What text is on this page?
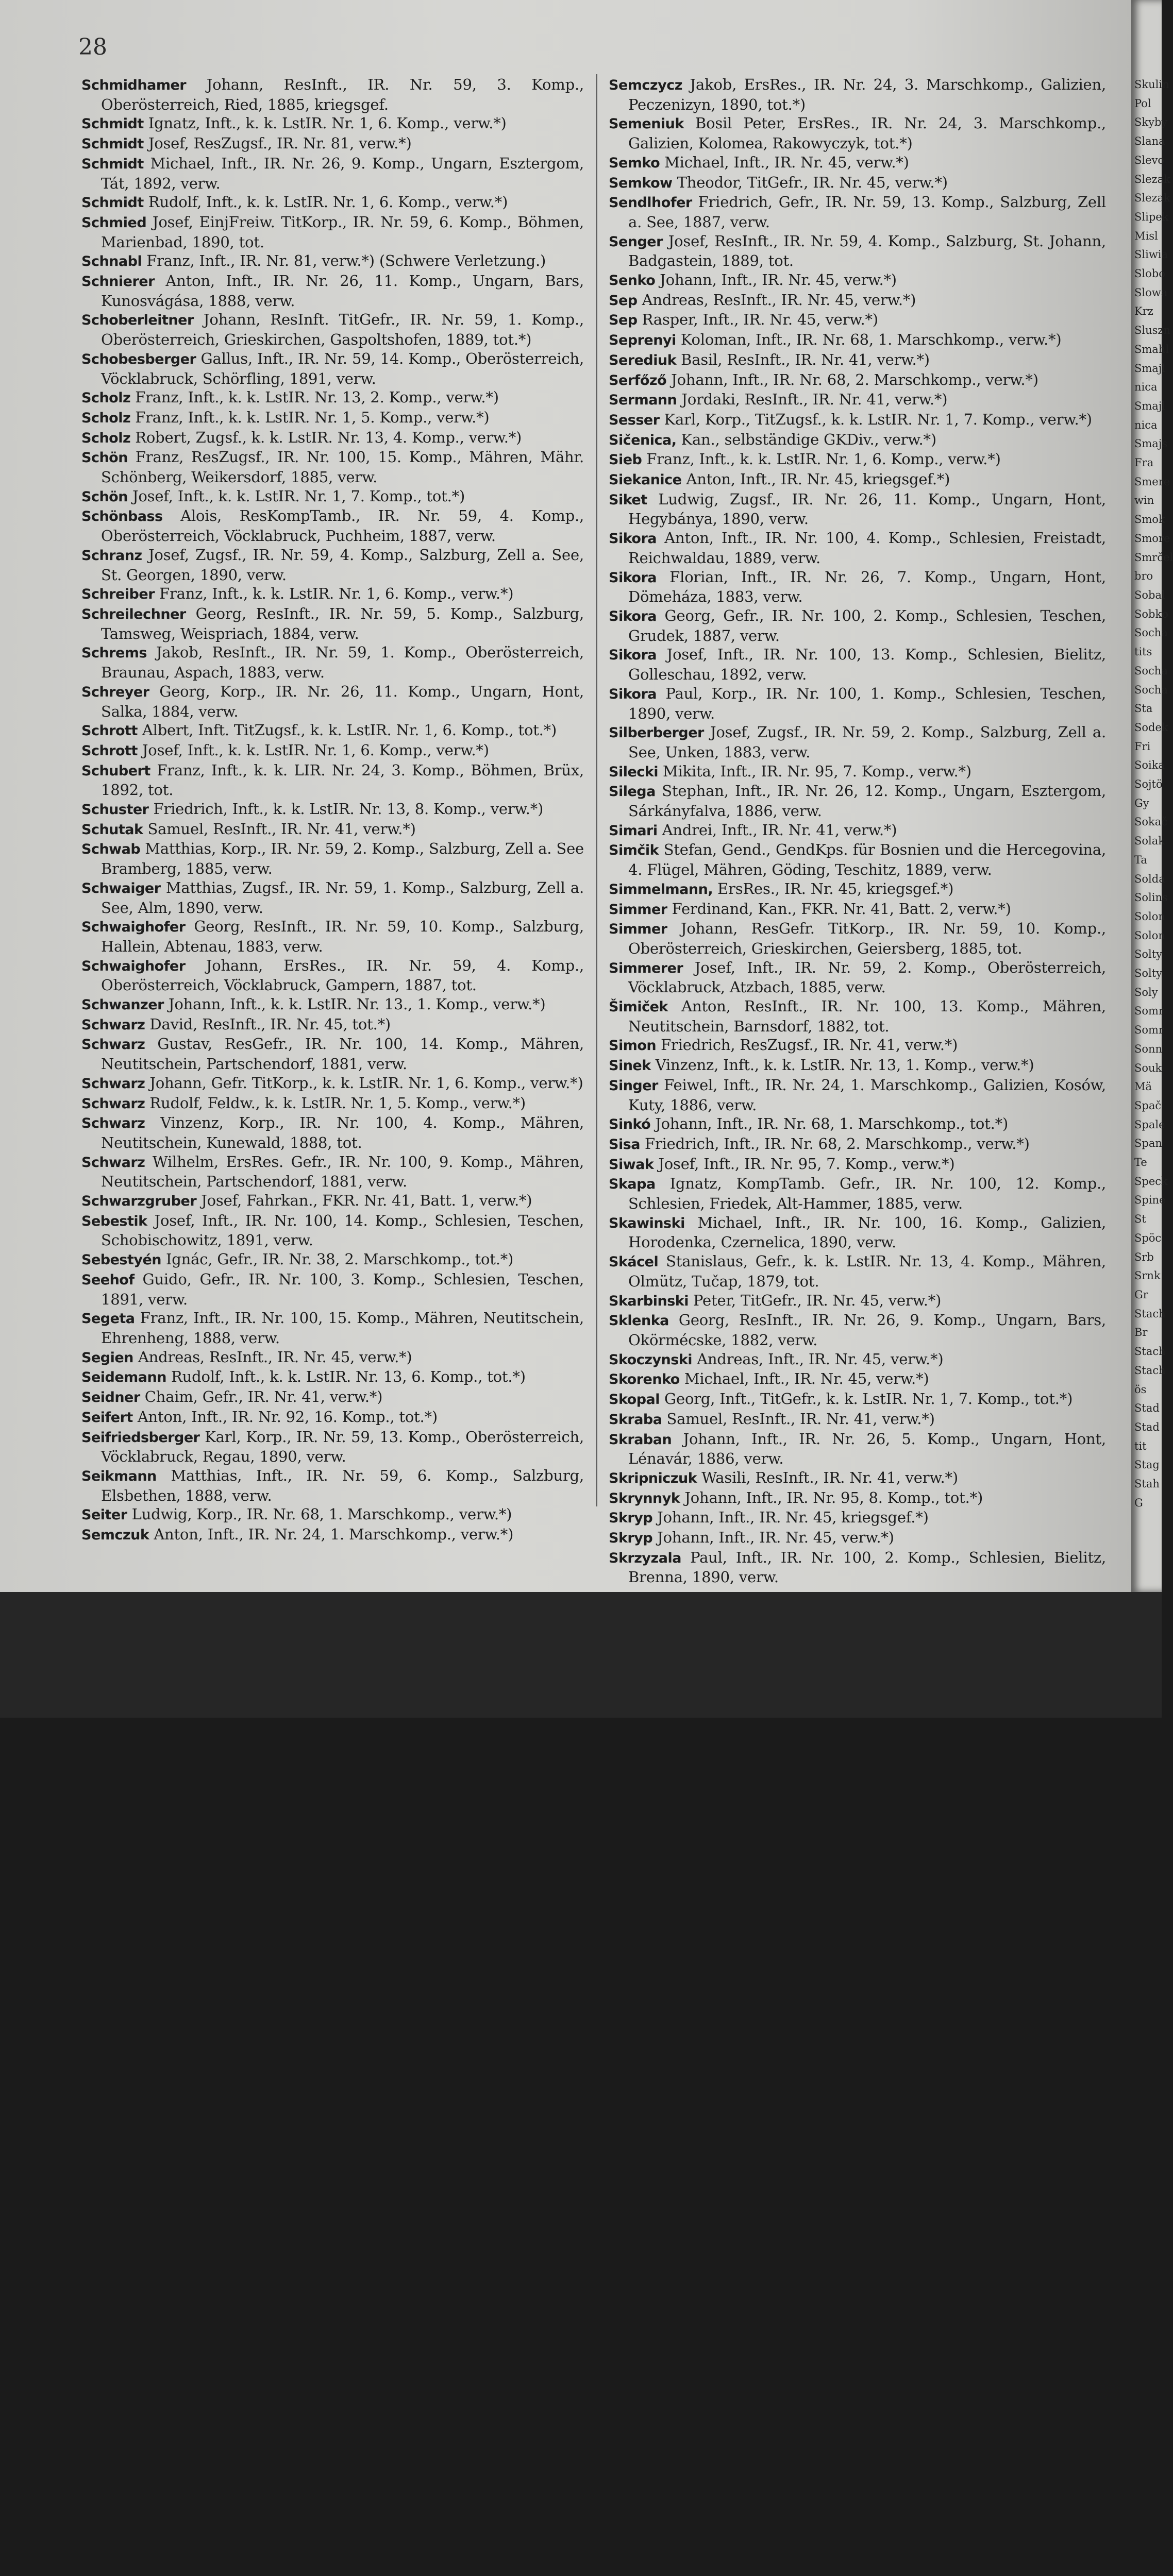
28

Schmidhamer Johann, ResInft., IR. Nr. 59, 3. Komp., Oberösterreich, Ried, 1885, kriegsgef.

Schmidt Ignatz, Inft., k. k. LstIR. Nr. 1, 6. Komp., verw.*)

Schmidt Josef, ResZugsf., IR. Nr. 81, verw.*)

Schmidt Michael, Inft., IR. Nr. 26, 9. Komp., Ungarn, Esztergom, Tát, 1892, verw.

Schmidt Rudolf, Inft., k. k. LstIR. Nr. 1, 6. Komp., verw.*)

Schmied Josef, EinjFreiw. TitKorp., IR. Nr. 59, 6. Komp., Böhmen, Marienbad, 1890, tot.

Schnabl Franz, Inft., IR. Nr. 81, verw.*) (Schwere Verletzung.)

Schnierer Anton, Inft., IR. Nr. 26, 11. Komp., Ungarn, Bars, Kunosvágása, 1888, verw.

Schoberleitner Johann, ResInft. TitGefr., IR. Nr. 59, 1. Komp., Oberösterreich, Grieskirchen, Gaspoltshofen, 1889, tot.*)

Schobesberger Gallus, Inft., IR. Nr. 59, 14. Komp., Oberösterreich, Vöcklabruck, Schörfling, 1891, verw.

Scholz Franz, Inft., k. k. LstIR. Nr. 13, 2. Komp., verw.*)

Scholz Franz, Inft., k. k. LstIR. Nr. 1, 5. Komp., verw.*)

Scholz Robert, Zugsf., k. k. LstIR. Nr. 13, 4. Komp., verw.*)

Schön Franz, ResZugsf., IR. Nr. 100, 15. Komp., Mähren, Mähr. Schönberg, Weikersdorf, 1885, verw.

Schön Josef, Inft., k. k. LstIR. Nr. 1, 7. Komp., tot.*)

Schönbass Alois, ResKompTamb., IR. Nr. 59, 4. Komp., Oberösterreich, Vöcklabruck, Puchheim, 1887, verw.

Schranz Josef, Zugsf., IR. Nr. 59, 4. Komp., Salzburg, Zell a. See, St. Georgen, 1890, verw.

Schreiber Franz, Inft., k. k. LstIR. Nr. 1, 6. Komp., verw.*)

Schreilechner Georg, ResInft., IR. Nr. 59, 5. Komp., Salzburg, Tamsweg, Weispriach, 1884, verw.

Schrems Jakob, ResInft., IR. Nr. 59, 1. Komp., Oberösterreich, Braunau, Aspach, 1883, verw.

Schreyer Georg, Korp., IR. Nr. 26, 11. Komp., Ungarn, Hont, Salka, 1884, verw.

Schrott Albert, Inft. TitZugsf., k. k. LstIR. Nr. 1, 6. Komp., tot.*)

Schrott Josef, Inft., k. k. LstIR. Nr. 1, 6. Komp., verw.*)

Schubert Franz, Inft., k. k. LIR. Nr. 24, 3. Komp., Böhmen, Brüx, 1892, tot.

Schuster Friedrich, Inft., k. k. LstIR. Nr. 13, 8. Komp., verw.*)

Schutak Samuel, ResInft., IR. Nr. 41, verw.*)

Schwab Matthias, Korp., IR. Nr. 59, 2. Komp., Salzburg, Zell a. See Bramberg, 1885, verw.

Schwaiger Matthias, Zugsf., IR. Nr. 59, 1. Komp., Salzburg, Zell a. See, Alm, 1890, verw.

Schwaighofer Georg, ResInft., IR. Nr. 59, 10. Komp., Salzburg, Hallein, Abtenau, 1883, verw.

Schwaighofer Johann, ErsRes., IR. Nr. 59, 4. Komp., Oberösterreich, Vöcklabruck, Gampern, 1887, tot.

Schwanzer Johann, Inft., k. k. LstIR. Nr. 13., 1. Komp., verw.*)

Schwarz David, ResInft., IR. Nr. 45, tot.*)

Schwarz Gustav, ResGefr., IR. Nr. 100, 14. Komp., Mähren, Neutitschein, Partschendorf, 1881, verw.

Schwarz Johann, Gefr. TitKorp., k. k. LstIR. Nr. 1, 6. Komp., verw.*)

Schwarz Rudolf, Feldw., k. k. LstIR. Nr. 1, 5. Komp., verw.*)

Schwarz Vinzenz, Korp., IR. Nr. 100, 4. Komp., Mähren, Neutitschein, Kunewald, 1888, tot.

Schwarz Wilhelm, ErsRes. Gefr., IR. Nr. 100, 9. Komp., Mähren, Neutitschein, Partschendorf, 1881, verw.

Schwarzgruber Josef, Fahrkan., FKR. Nr. 41, Batt. 1, verw.*)

Sebestik Josef, Inft., IR. Nr. 100, 14. Komp., Schlesien, Teschen, Schobischowitz, 1891, verw.

Sebestyén Ignác, Gefr., IR. Nr. 38, 2. Marschkomp., tot.*)

Seehof Guido, Gefr., IR. Nr. 100, 3. Komp., Schlesien, Teschen, 1891, verw.

Segeta Franz, Inft., IR. Nr. 100, 15. Komp., Mähren, Neutitschein, Ehrenheng, 1888, verw.

Segien Andreas, ResInft., IR. Nr. 45, verw.*)

Seidemann Rudolf, Inft., k. k. LstIR. Nr. 13, 6. Komp., tot.*)

Seidner Chaim, Gefr., IR. Nr. 41, verw.*)

Seifert Anton, Inft., IR. Nr. 92, 16. Komp., tot.*)

Seifriedsberger Karl, Korp., IR. Nr. 59, 13. Komp., Oberösterreich, Vöcklabruck, Regau, 1890, verw.

Seikmann Matthias, Inft., IR. Nr. 59, 6. Komp., Salzburg, Elsbethen, 1888, verw.

Seiter Ludwig, Korp., IR. Nr. 68, 1. Marschkomp., verw.*)

Semczuk Anton, Inft., IR. Nr. 24, 1. Marschkomp., verw.*)

Semczycz Jakob, ErsRes., IR. Nr. 24, 3. Marschkomp., Galizien, Peczenizyn, 1890, tot.*)

Semeniuk Bosil Peter, ErsRes., IR. Nr. 24, 3. Marschkomp., Galizien, Kolomea, Rakowyczyk, tot.*)

Semko Michael, Inft., IR. Nr. 45, verw.*)

Semkow Theodor, TitGefr., IR. Nr. 45, verw.*)

Sendlhofer Friedrich, Gefr., IR. Nr. 59, 13. Komp., Salzburg, Zell a. See, 1887, verw.

Senger Josef, ResInft., IR. Nr. 59, 4. Komp., Salzburg, St. Johann, Badgastein, 1889, tot.

Senko Johann, Inft., IR. Nr. 45, verw.*)

Sep Andreas, ResInft., IR. Nr. 45, verw.*)

Sep Rasper, Inft., IR. Nr. 45, verw.*)

Seprenyi Koloman, Inft., IR. Nr. 68, 1. Marschkomp., verw.*)

Serediuk Basil, ResInft., IR. Nr. 41, verw.*)

Serfőző Johann, Inft., IR. Nr. 68, 2. Marschkomp., verw.*)

Sermann Jordaki, ResInft., IR. Nr. 41, verw.*)

Sesser Karl, Korp., TitZugsf., k. k. LstIR. Nr. 1, 7. Komp., verw.*)

Sičenica, Kan., selbständige GKDiv., verw.*)

Sieb Franz, Inft., k. k. LstIR. Nr. 1, 6. Komp., verw.*)

Siekanice Anton, Inft., IR. Nr. 45, kriegsgef.*)

Siket Ludwig, Zugsf., IR. Nr. 26, 11. Komp., Ungarn, Hont, Hegybánya, 1890, verw.

Sikora Anton, Inft., IR. Nr. 100, 4. Komp., Schlesien, Freistadt, Reichwaldau, 1889, verw.

Sikora Florian, Inft., IR. Nr. 26, 7. Komp., Ungarn, Hont, Dömeháza, 1883, verw.

Sikora Georg, Gefr., IR. Nr. 100, 2. Komp., Schlesien, Teschen, Grudek, 1887, verw.

Sikora Josef, Inft., IR. Nr. 100, 13. Komp., Schlesien, Bielitz, Golleschau, 1892, verw.

Sikora Paul, Korp., IR. Nr. 100, 1. Komp., Schlesien, Teschen, 1890, verw.

Silberberger Josef, Zugsf., IR. Nr. 59, 2. Komp., Salzburg, Zell a. See, Unken, 1883, verw.

Silecki Mikita, Inft., IR. Nr. 95, 7. Komp., verw.*)

Silega Stephan, Inft., IR. Nr. 26, 12. Komp., Ungarn, Esztergom, Sárkányfalva, 1886, verw.

Simari Andrei, Inft., IR. Nr. 41, verw.*)

Simčik Stefan, Gend., GendKps. für Bosnien und die Hercegovina, 4. Flügel, Mähren, Göding, Teschitz, 1889, verw.

Simmelmann, ErsRes., IR. Nr. 45, kriegsgef.*)

Simmer Ferdinand, Kan., FKR. Nr. 41, Batt. 2, verw.*)

Simmer Johann, ResGefr. TitKorp., IR. Nr. 59, 10. Komp., Oberösterreich, Grieskirchen, Geiersberg, 1885, tot.

Simmerer Josef, Inft., IR. Nr. 59, 2. Komp., Oberösterreich, Vöcklabruck, Atzbach, 1885, verw.

Šimiček Anton, ResInft., IR. Nr. 100, 13. Komp., Mähren, Neutitschein, Barnsdorf, 1882, tot.

Simon Friedrich, ResZugsf., IR. Nr. 41, verw.*)

Sinek Vinzenz, Inft., k. k. LstIR. Nr. 13, 1. Komp., verw.*)

Singer Feiwel, Inft., IR. Nr. 24, 1. Marschkomp., Galizien, Kosów, Kuty, 1886, verw.

Sinkó Johann, Inft., IR. Nr. 68, 1. Marschkomp., tot.*)

Sisa Friedrich, Inft., IR. Nr. 68, 2. Marschkomp., verw.*)

Siwak Josef, Inft., IR. Nr. 95, 7. Komp., verw.*)

Skapa Ignatz, KompTamb. Gefr., IR. Nr. 100, 12. Komp., Schlesien, Friedek, Alt-Hammer, 1885, verw.

Skawinski Michael, Inft., IR. Nr. 100, 16. Komp., Galizien, Horodenka, Czernelica, 1890, verw.

Skácel Stanislaus, Gefr., k. k. LstIR. Nr. 13, 4. Komp., Mähren, Olmütz, Tučap, 1879, tot.

Skarbinski Peter, TitGefr., IR. Nr. 45, verw.*)

Sklenka Georg, ResInft., IR. Nr. 26, 9. Komp., Ungarn, Bars, Okörmécske, 1882, verw.

Skoczynski Andreas, Inft., IR. Nr. 45, verw.*)

Skorenko Michael, Inft., IR. Nr. 45, verw.*)

Skopal Georg, Inft., TitGefr., k. k. LstIR. Nr. 1, 7. Komp., tot.*)

Skraba Samuel, ResInft., IR. Nr. 41, verw.*)

Skraban Johann, Inft., IR. Nr. 26, 5. Komp., Ungarn, Hont, Lénavár, 1886, verw.

Skripniczuk Wasili, ResInft., IR. Nr. 41, verw.*)

Skrynnyk Johann, Inft., IR. Nr. 95, 8. Komp., tot.*)

Skryp Johann, Inft., IR. Nr. 45, kriegsgef.*)

Skryp Johann, Inft., IR. Nr. 45, verw.*)

Skrzyzala Paul, Inft., IR. Nr. 100, 2. Komp., Schlesien, Bielitz, Brenna, 1890, verw.

Skulin
Pol
Skyby
Slana
Slevo
Slezak
Slezak
Slipek
Misl
Sliwia
Slobo
Slowa
Krz
Sluszn
Smahl
Smajl
nica
Smajl
nica
Smajs
Fra
Smere
win
Smok
Smore
Smrčel
bro
Sobal
Sobko
Socha
tits
Socha
Socha
Sta
Sodek
Fri
Soika
Sojtö
Gy
Sokač
Solak
Ta
Solda
Solins
Solon
Solon
Solty
Solty
Soly
Somr
Somr
Sonn
Souk
Mä
Spač
Spale
Span
Te
Speck
Spine
St
Spöc
Srb
Srnk
Gr
Stach
Br
Stach
Stach
ös
Stad
Stad
tit
Stag
Stah
G
